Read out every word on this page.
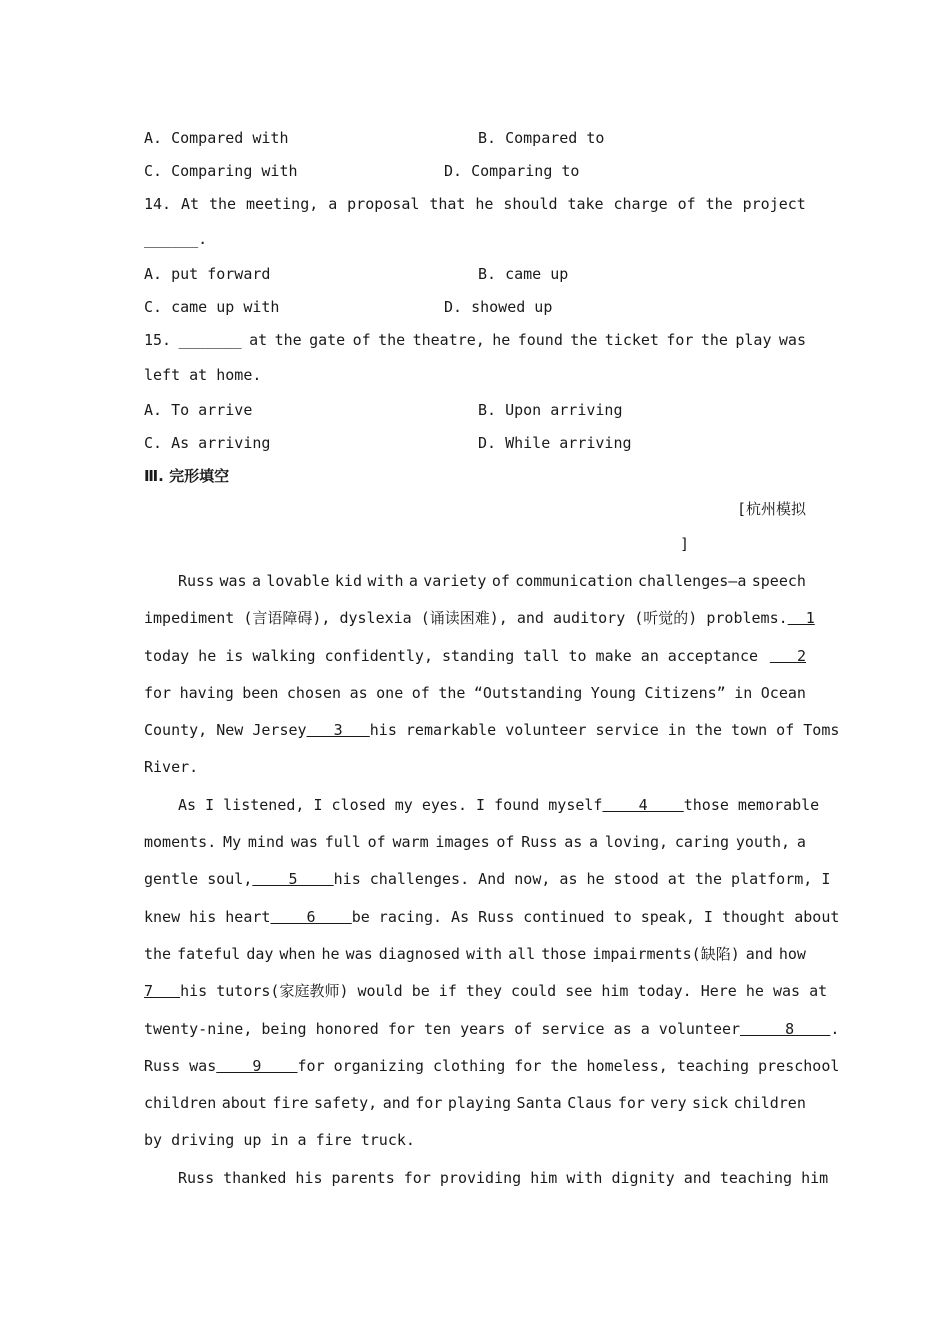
A. Compared with	B. Compared to
C. Comparing with	D. Comparing to
14. At the meeting, a proposal that he should take charge of the project
______.
A. put forward	B. came up
C. came up with	D. showed up
15. _______ at the gate of the theatre, he found the ticket for the play was
left at home.
A. To arrive	B. Upon arriving
C. As arriving	D. While arriving
Ⅲ. 完形填空
[杭州模拟
]
Russ was a lovable kid with a variety of communication challenges—a speech
impediment (言语障碍), dyslexia (诵读困难), and auditory (听觉的) problems. 1
today he is walking confidently, standing tall to make an acceptance 2
for having been chosen as one of the “Outstanding Young Citizens” in Ocean
County, New Jersey 3 his remarkable volunteer service in the town of Toms
River.
As I listened, I closed my eyes. I found myself 4 those memorable
moments. My mind was full of warm images of Russ as a loving, caring youth, a
gentle soul, 5 his challenges. And now, as he stood at the platform, I
knew his heart 6 be racing. As Russ continued to speak, I thought about
the fateful day when he was diagnosed with all those impairments(缺陷) and how
7 his tutors(家庭教师) would be if they could see him today. Here he was at
twenty-nine, being honored for ten years of service as a volunteer 8 .
Russ was 9 for organizing clothing for the homeless, teaching preschool
children about fire safety, and for playing Santa Claus for very sick children
by driving up in a fire truck.
Russ thanked his parents for providing him with dignity and teaching him
